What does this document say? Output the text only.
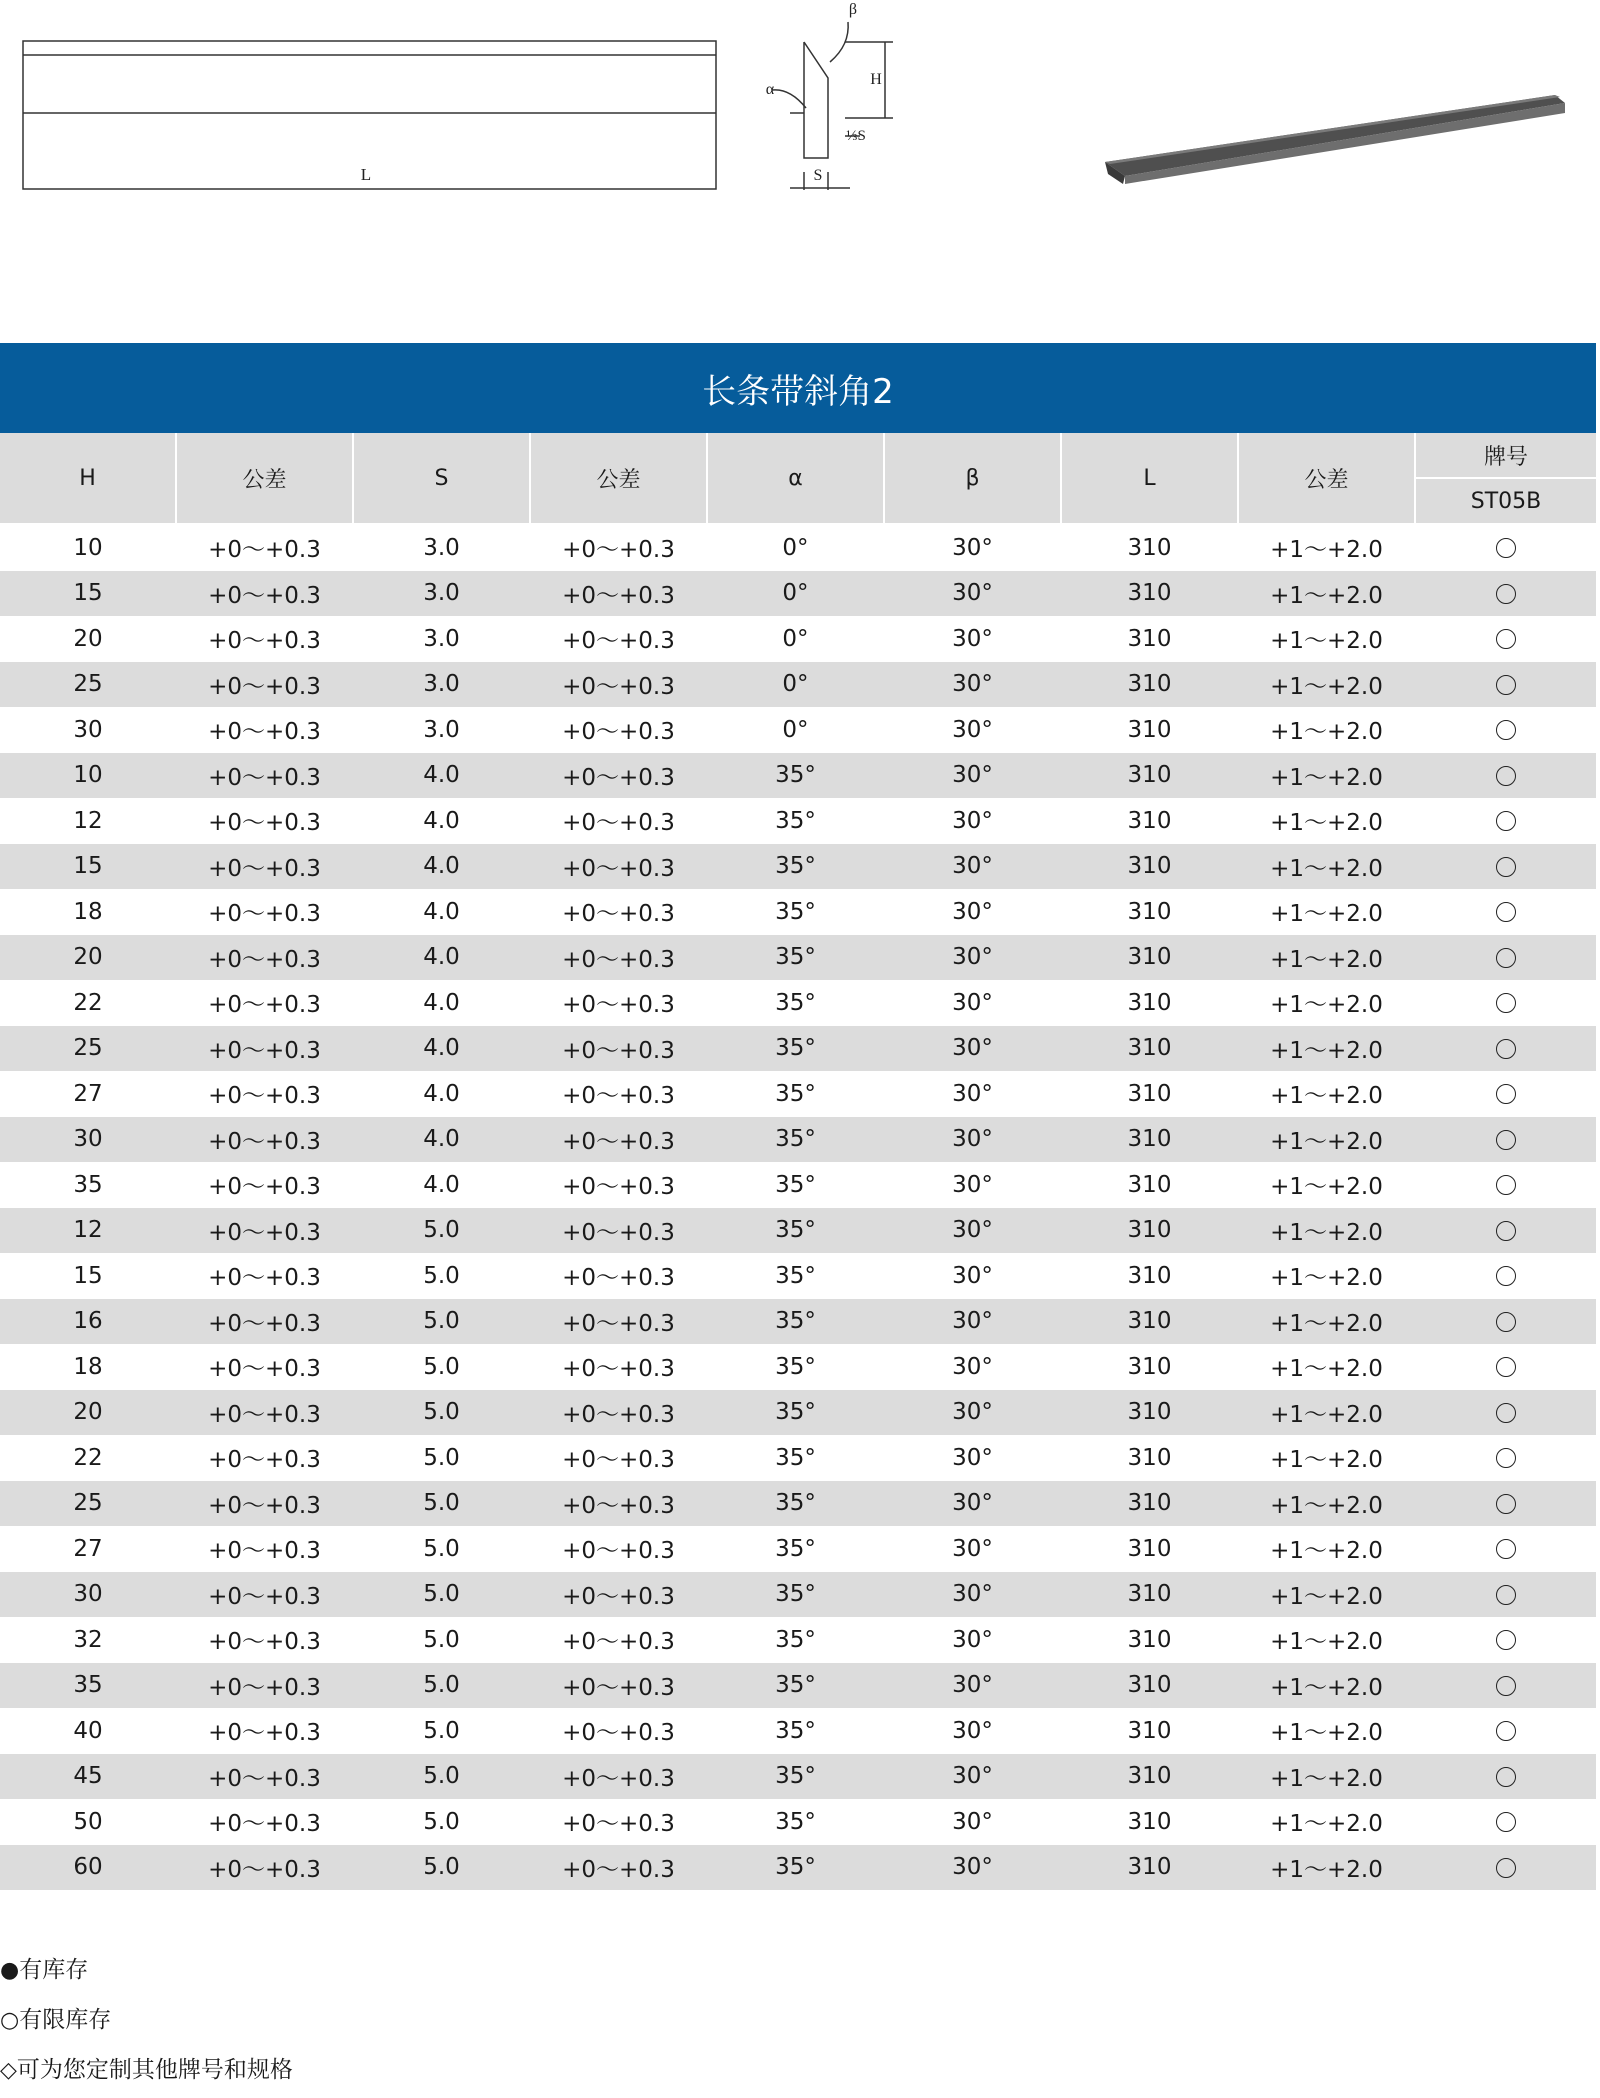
L
H
α
β
⅓S
S
长条带斜角2
H	公差	S	公差	α	β	L	公差	牌号
								ST05B
10	+0～+0.3	3.0	+0～+0.3	0°	30°	310	+1～+2.0	
15	+0～+0.3	3.0	+0～+0.3	0°	30°	310	+1～+2.0	
20	+0～+0.3	3.0	+0～+0.3	0°	30°	310	+1～+2.0	
25	+0～+0.3	3.0	+0～+0.3	0°	30°	310	+1～+2.0	
30	+0～+0.3	3.0	+0～+0.3	0°	30°	310	+1～+2.0	
10	+0～+0.3	4.0	+0～+0.3	35°	30°	310	+1～+2.0	
12	+0～+0.3	4.0	+0～+0.3	35°	30°	310	+1～+2.0	
15	+0～+0.3	4.0	+0～+0.3	35°	30°	310	+1～+2.0	
18	+0～+0.3	4.0	+0～+0.3	35°	30°	310	+1～+2.0	
20	+0～+0.3	4.0	+0～+0.3	35°	30°	310	+1～+2.0	
22	+0～+0.3	4.0	+0～+0.3	35°	30°	310	+1～+2.0	
25	+0～+0.3	4.0	+0～+0.3	35°	30°	310	+1～+2.0	
27	+0～+0.3	4.0	+0～+0.3	35°	30°	310	+1～+2.0	
30	+0～+0.3	4.0	+0～+0.3	35°	30°	310	+1～+2.0	
35	+0～+0.3	4.0	+0～+0.3	35°	30°	310	+1～+2.0	
12	+0～+0.3	5.0	+0～+0.3	35°	30°	310	+1～+2.0	
15	+0～+0.3	5.0	+0～+0.3	35°	30°	310	+1～+2.0	
16	+0～+0.3	5.0	+0～+0.3	35°	30°	310	+1～+2.0	
18	+0～+0.3	5.0	+0～+0.3	35°	30°	310	+1～+2.0	
20	+0～+0.3	5.0	+0～+0.3	35°	30°	310	+1～+2.0	
22	+0～+0.3	5.0	+0～+0.3	35°	30°	310	+1～+2.0	
25	+0～+0.3	5.0	+0～+0.3	35°	30°	310	+1～+2.0	
27	+0～+0.3	5.0	+0～+0.3	35°	30°	310	+1～+2.0	
30	+0～+0.3	5.0	+0～+0.3	35°	30°	310	+1～+2.0	
32	+0～+0.3	5.0	+0～+0.3	35°	30°	310	+1～+2.0	
35	+0～+0.3	5.0	+0～+0.3	35°	30°	310	+1～+2.0	
40	+0～+0.3	5.0	+0～+0.3	35°	30°	310	+1～+2.0	
45	+0～+0.3	5.0	+0～+0.3	35°	30°	310	+1～+2.0	
50	+0～+0.3	5.0	+0～+0.3	35°	30°	310	+1～+2.0	
60	+0～+0.3	5.0	+0～+0.3	35°	30°	310	+1～+2.0	
●有库存
○有限库存
◇可为您定制其他牌号和规格
